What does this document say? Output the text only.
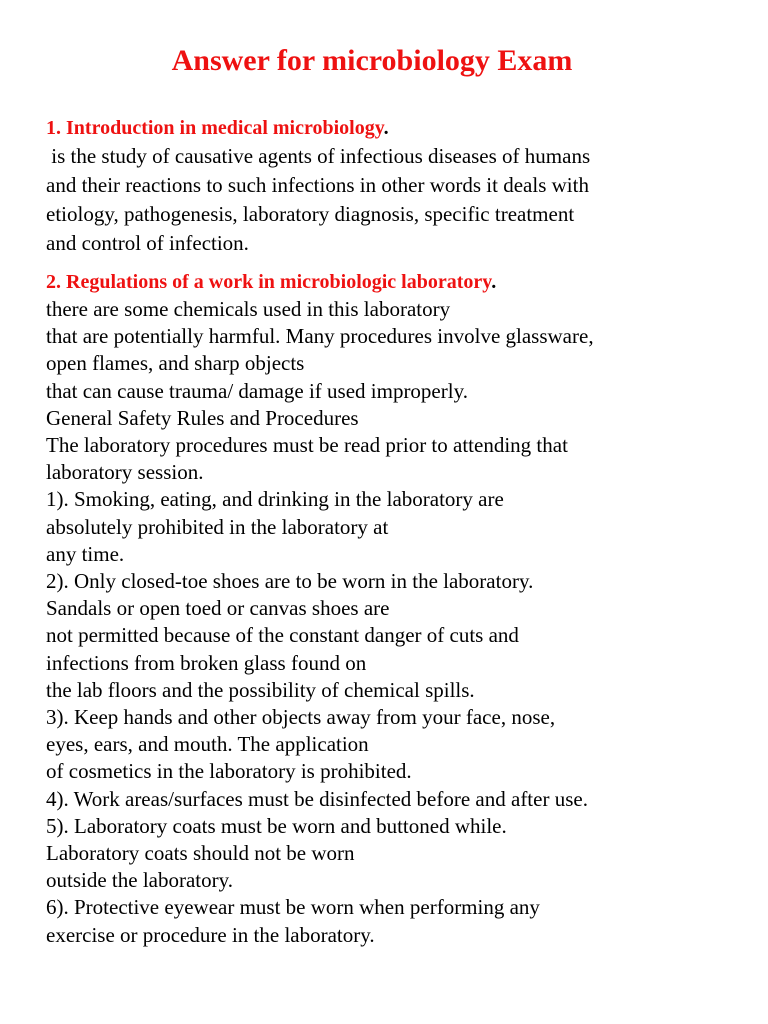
Answer for microbiology Exam
1. Introduction in medical microbiology.
is the study of causative agents of infectious diseases of humans
and their reactions to such infections in other words it deals with
etiology, pathogenesis, laboratory diagnosis, specific treatment
and control of infection.
2. Regulations of a work in microbiologic laboratory.
there are some chemicals used in this laboratory
that are potentially harmful. Many procedures involve glassware,
open flames, and sharp objects
that can cause trauma/ damage if used improperly.
General Safety Rules and Procedures
The laboratory procedures must be read prior to attending that
laboratory session.
1). Smoking, eating, and drinking in the laboratory are
absolutely prohibited in the laboratory at
any time.
2). Only closed-toe shoes are to be worn in the laboratory.
Sandals or open toed or canvas shoes are
not permitted because of the constant danger of cuts and
infections from broken glass found on
the lab floors and the possibility of chemical spills.
3). Keep hands and other objects away from your face, nose,
eyes, ears, and mouth. The application
of cosmetics in the laboratory is prohibited.
4). Work areas/surfaces must be disinfected before and after use.
5). Laboratory coats must be worn and buttoned while.
Laboratory coats should not be worn
outside the laboratory.
6). Protective eyewear must be worn when performing any
exercise or procedure in the laboratory.
